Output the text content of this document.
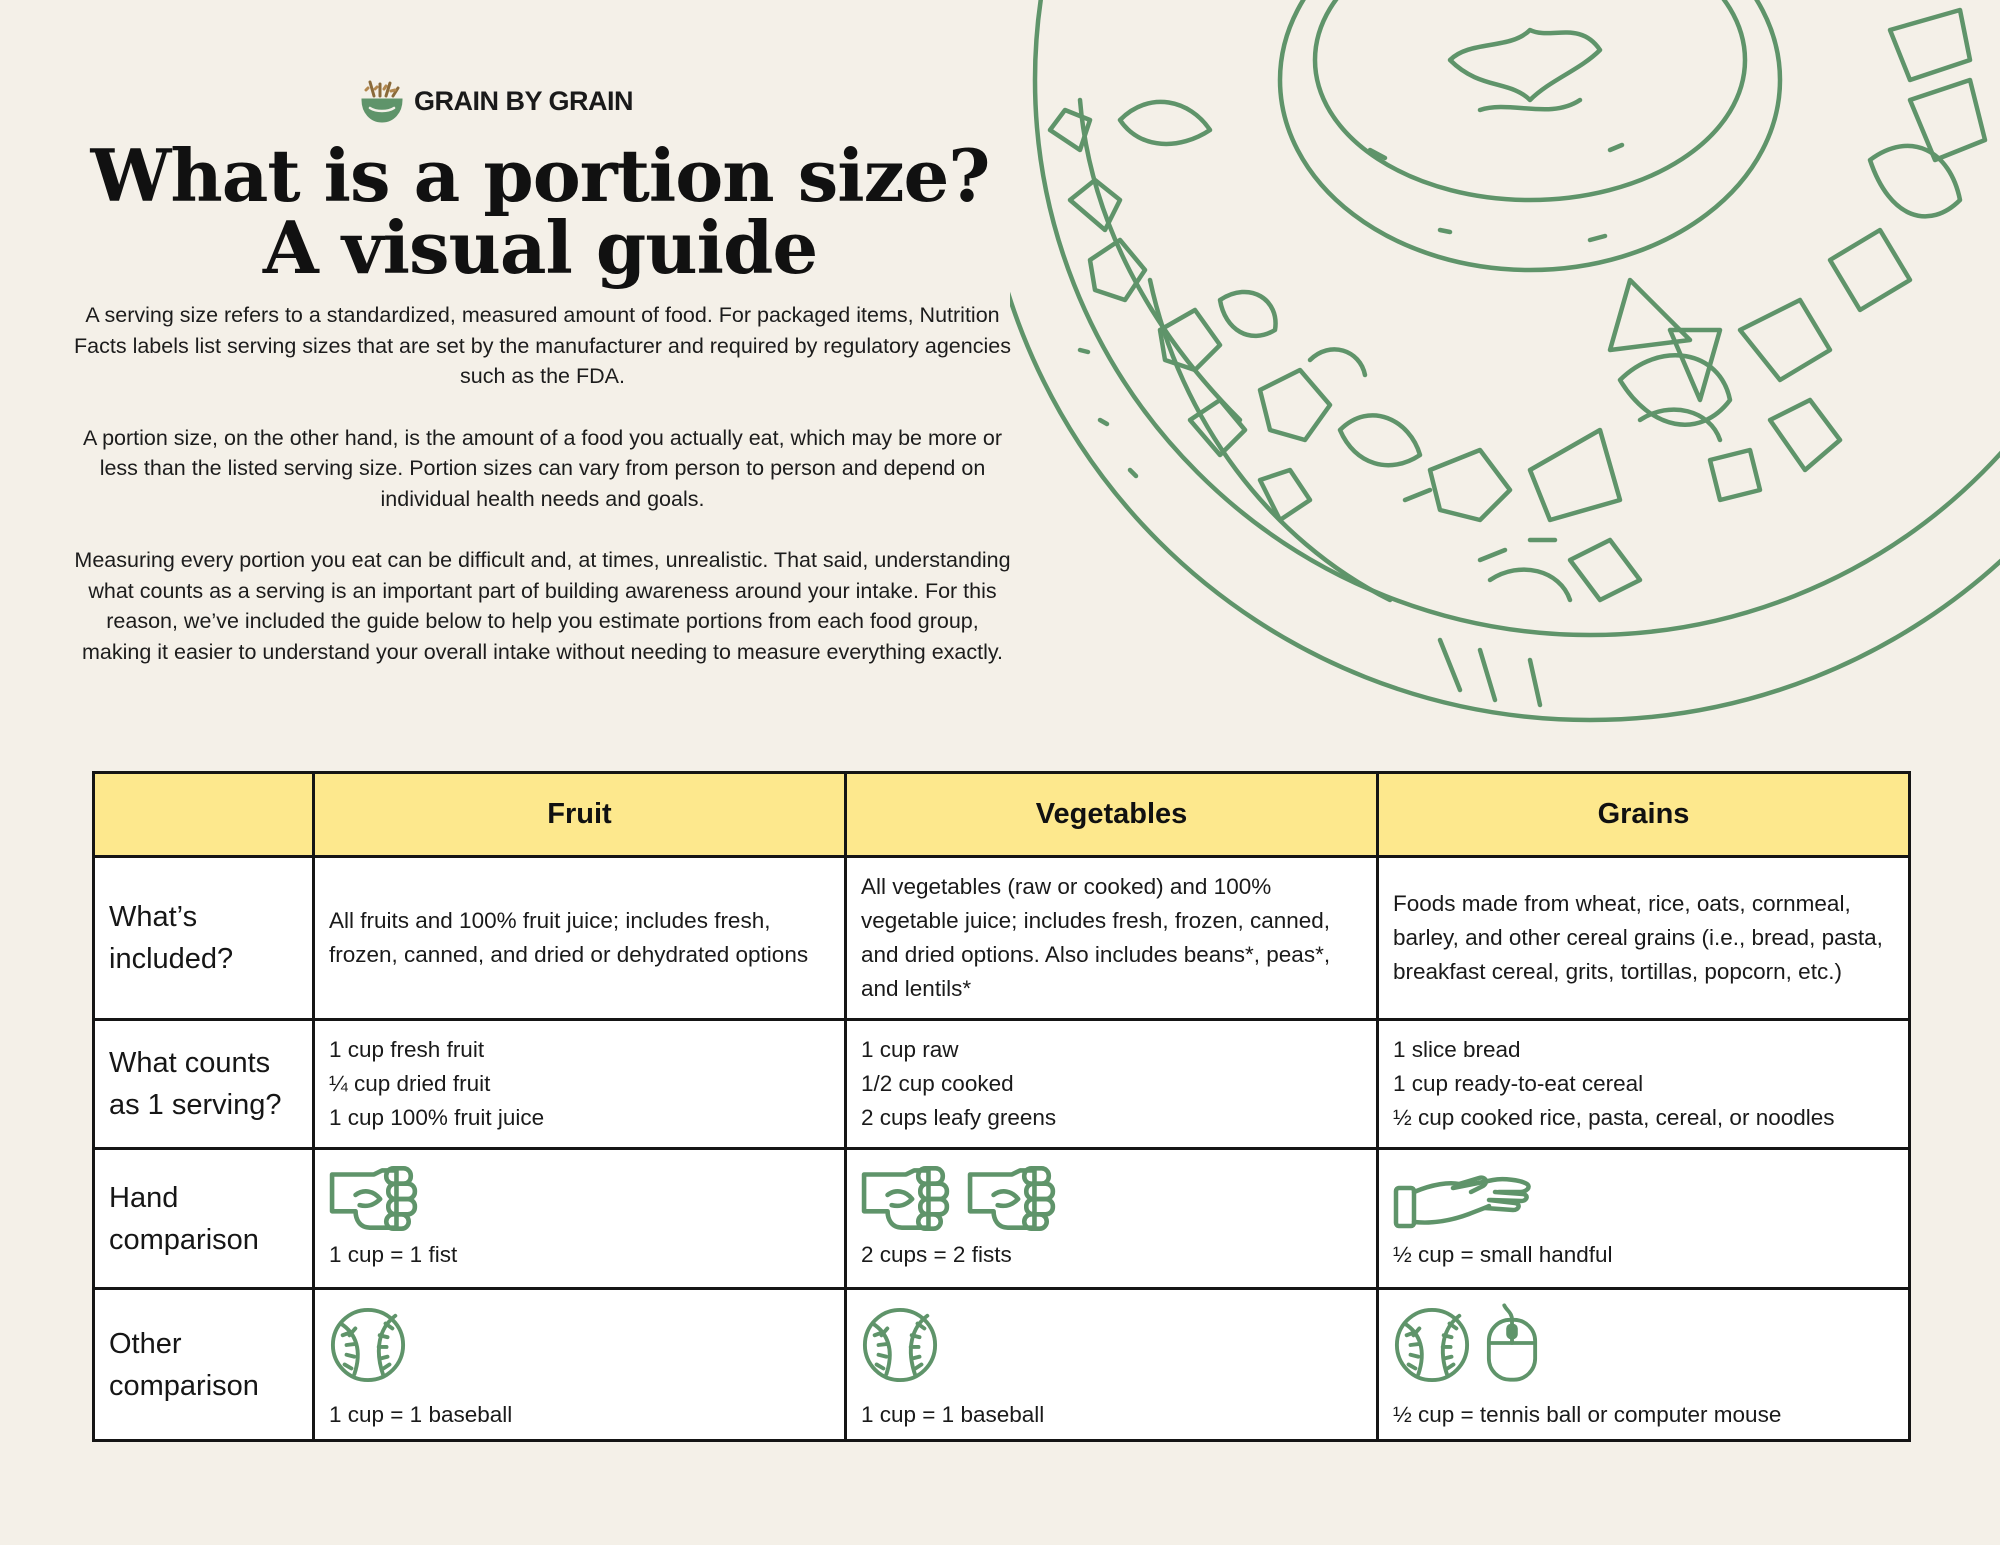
GRAIN BY GRAIN
What is a portion size?
A visual guide

A serving size refers to a standardized, measured amount of food. For packaged items, Nutrition Facts labels list serving sizes that are set by the manufacturer and required by regulatory agencies such as the FDA.

A portion size, on the other hand, is the amount of a food you actually eat, which may be more or less than the listed serving size. Portion sizes can vary from person to person and depend on individual health needs and goals.

Measuring every portion you eat can be difficult and, at times, unrealistic. That said, understanding what counts as a serving is an important part of building awareness around your intake. For this reason, we’ve included the guide below to help you estimate portions from each food group, making it easier to understand your overall intake without needing to measure everything exactly.

	Fruit	Vegetables	Grains
What’s included?	All fruits and 100% fruit juice; includes fresh, frozen, canned, and dried or dehydrated options	All vegetables (raw or cooked) and 100% vegetable juice; includes fresh, frozen, canned, and dried options. Also includes beans*, peas*, and lentils*	Foods made from wheat, rice, oats, cornmeal, barley, and other cereal grains (i.e., bread, pasta, breakfast cereal, grits, tortillas, popcorn, etc.)
What counts as 1 serving?	1 cup fresh fruit
¼ cup dried fruit
1 cup 100% fruit juice	1 cup raw
1/2 cup cooked
2 cups leafy greens	1 slice bread
1 cup ready-to-eat cereal
½ cup cooked rice, pasta, cereal, or noodles

Hand comparison	1 cup = 1 fist	2 cups = 2 fists	½ cup = small handful

Other comparison	1 cup = 1 baseball	1 cup = 1 baseball	½ cup = tennis ball or computer mouse
